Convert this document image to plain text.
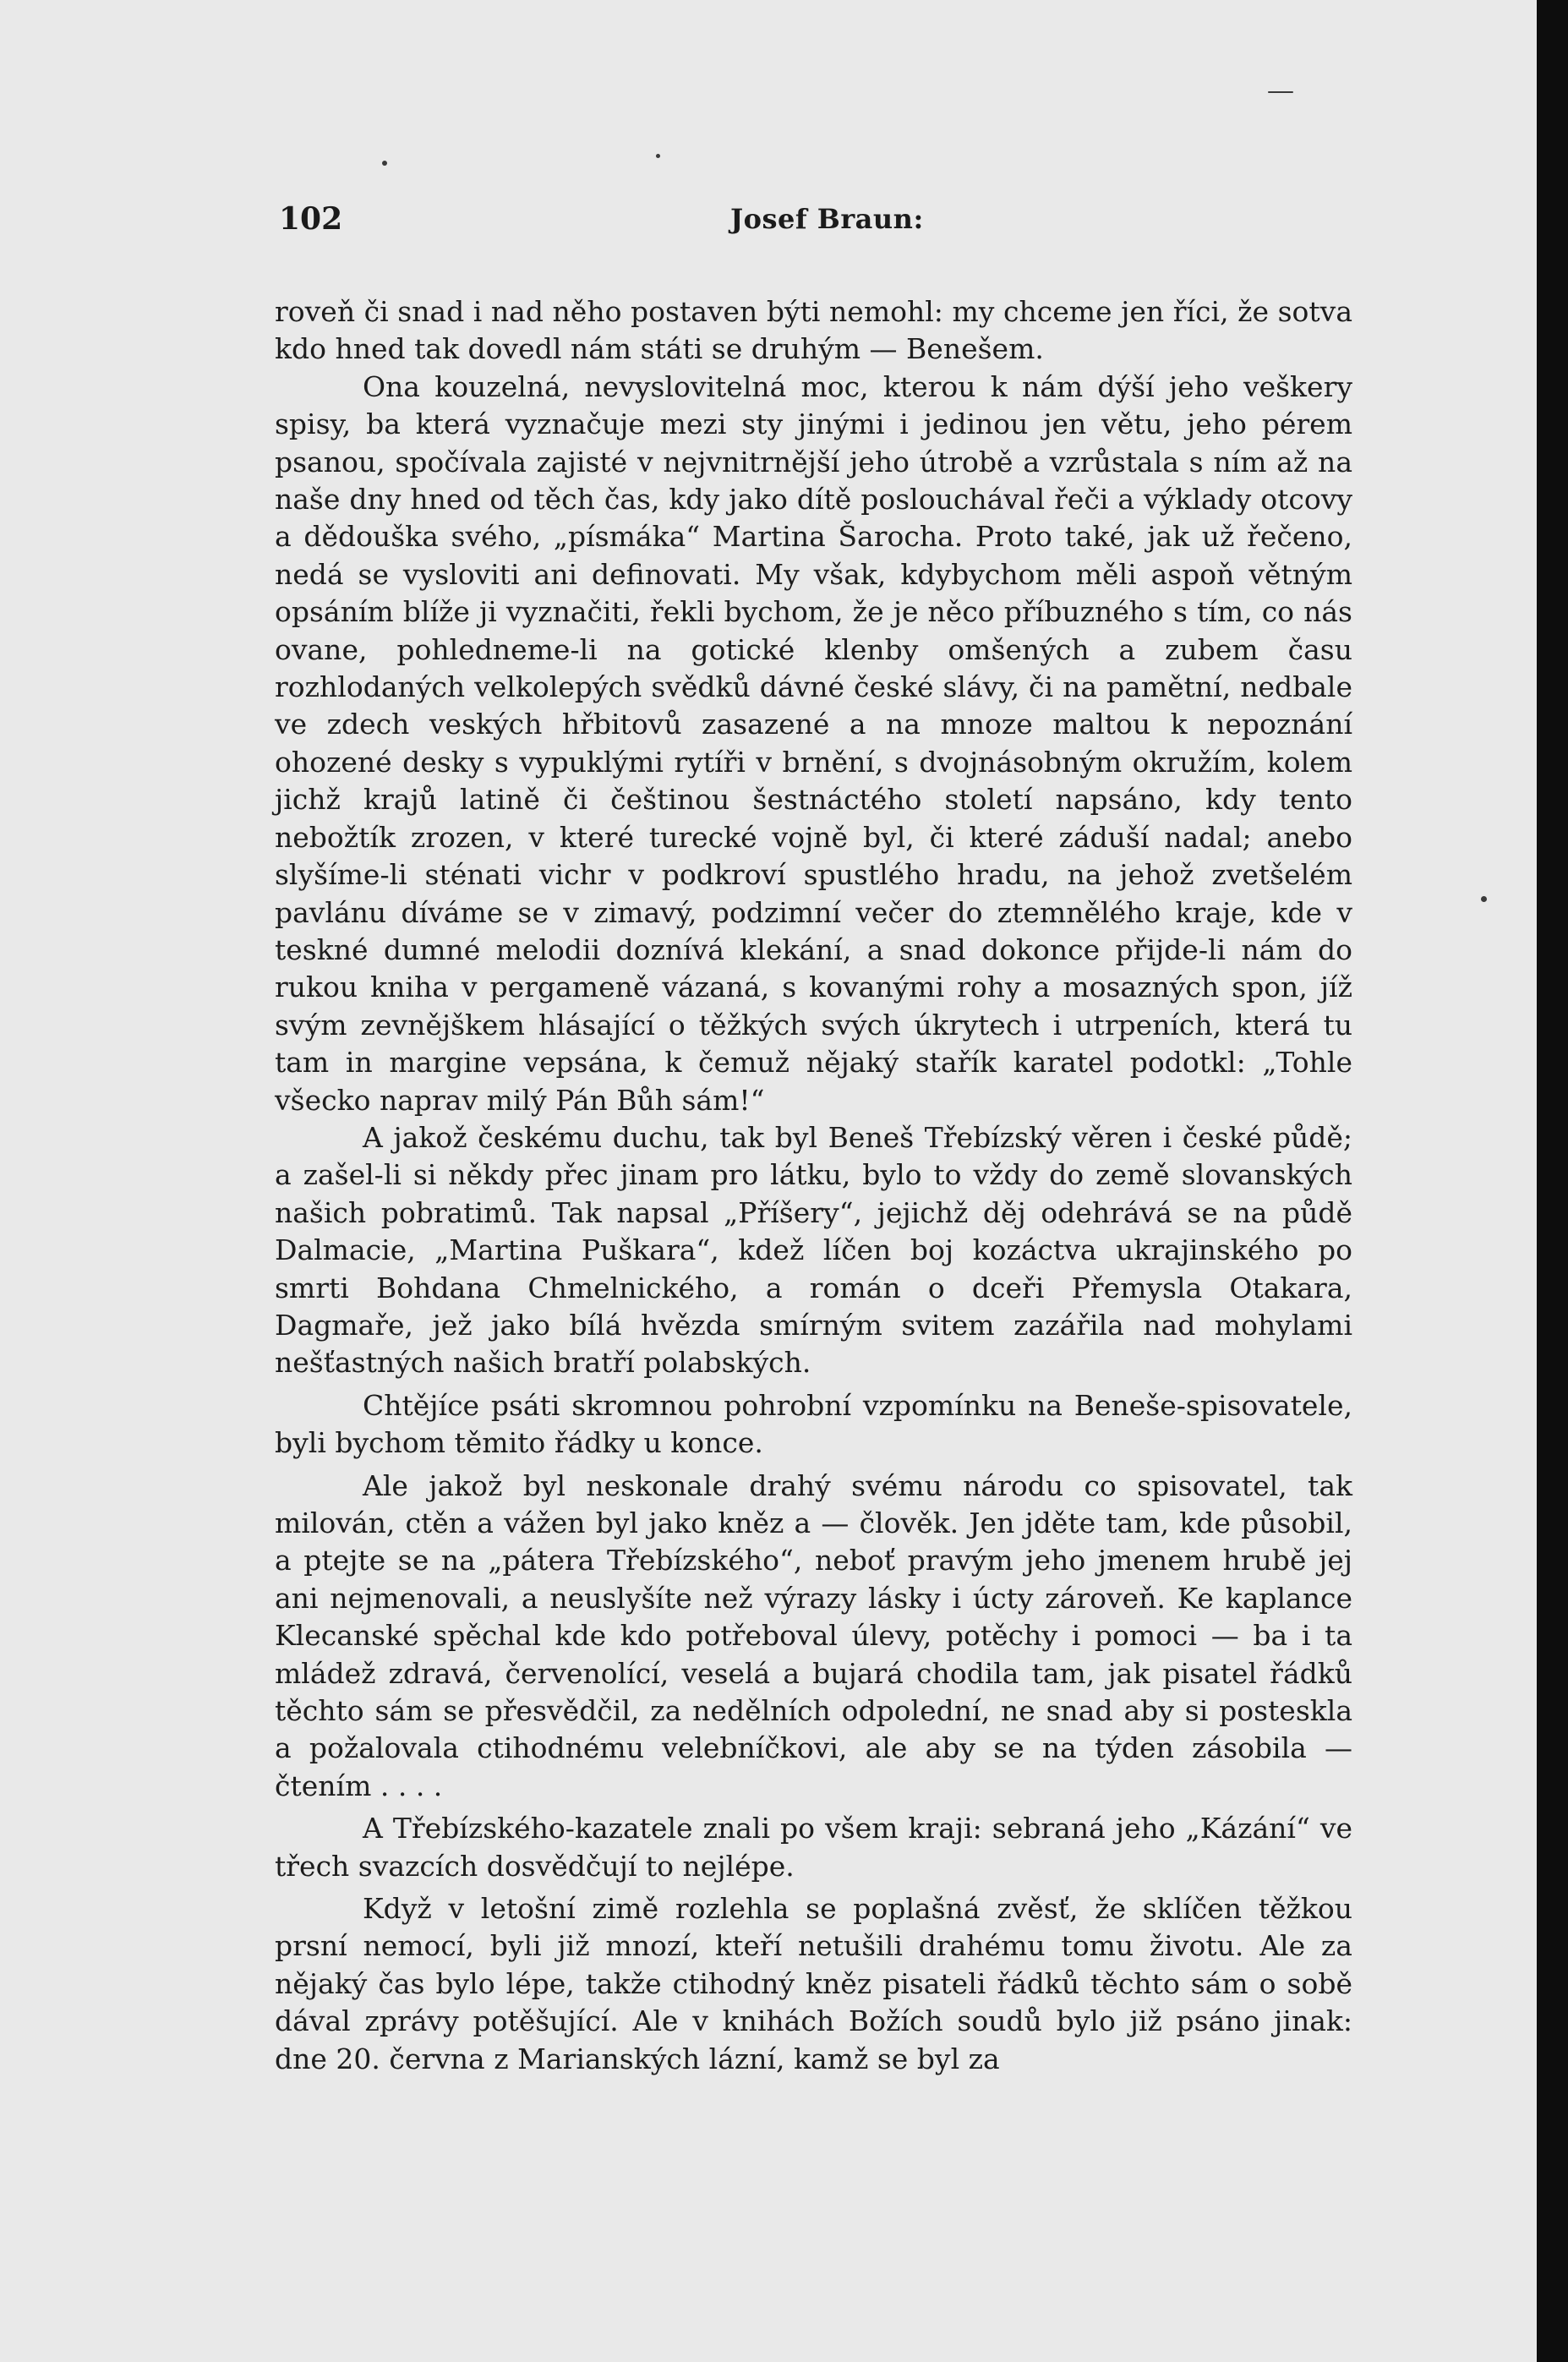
102	Josef Braun:

roveň či snad i nad něho postaven býti nemohl: my chceme jen říci, že sotva kdo hned tak dovedl nám státi se druhým — Benešem.

Ona kouzelná, nevyslovitelná moc, kterou k nám dýší jeho veškery spisy, ba která vyznačuje mezi sty jinými i jedinou jen větu, jeho pérem psanou, spočívala zajisté v nejvnitrnější jeho útrobě a vzrůstala s ním až na naše dny hned od těch čas, kdy jako dítě poslouchával řeči a výklady otcovy a dědouška svého, „písmáka“ Martina Šarocha. Proto také, jak už řečeno, nedá se vysloviti ani definovati. My však, kdybychom měli aspoň větným opsáním blíže ji vyznačiti, řekli bychom, že je něco příbuzného s tím, co nás ovane, pohledneme-li na gotické klenby omšených a zubem času rozhlodaných velkolepých svědků dávné české slávy, či na pamětní, nedbale ve zdech veských hřbitovů zasazené a na mnoze maltou k nepoznání ohozené desky s vypuklými rytíři v brnění, s dvojnásobným okružím, kolem jichž krajů latině či češtinou šestnáctého století napsáno, kdy tento nebožtík zrozen, v které turecké vojně byl, či které záduší nadal; anebo slyšíme-li sténati vichr v podkroví spustlého hradu, na jehož zvetšelém pavlánu díváme se v zimavý, podzimní večer do ztemnělého kraje, kde v teskné dumné melodii doznívá klekání, a snad dokonce přijde-li nám do rukou kniha v pergameně vázaná, s kovanými rohy a mosazných spon, jíž svým zevnějškem hlásající o těžkých svých úkrytech i utrpeních, která tu tam in margine vepsána, k čemuž nějaký stařík karatel podotkl: „Tohle všecko naprav milý Pán Bůh sám!“

A jakož českému duchu, tak byl Beneš Třebízský věren i české půdě; a zašel-li si někdy přec jinam pro látku, bylo to vždy do země slovanských našich pobratimů. Tak napsal „Příšery“, jejichž děj odehrává se na půdě Dalmacie, „Martina Puškara“, kdež líčen boj kozáctva ukrajinského po smrti Bohdana Chmelnického, a román o dceři Přemysla Otakara, Dagmaře, jež jako bílá hvězda smírným svitem zazářila nad mohylami nešťastných našich bratří polabských.

Chtějíce psáti skromnou pohrobní vzpomínku na Beneše-spisovatele, byli bychom těmito řádky u konce.

Ale jakož byl neskonale drahý svému národu co spisovatel, tak milován, ctěn a vážen byl jako kněz a — člověk. Jen jděte tam, kde působil, a ptejte se na „pátera Třebízského“, neboť pravým jeho jmenem hrubě jej ani nejmenovali, a neuslyšíte než výrazy lásky i úcty zároveň. Ke kaplance Klecanské spěchal kde kdo potřeboval úlevy, potěchy i pomoci — ba i ta mládež zdravá, červenolící, veselá a bujará chodila tam, jak pisatel řádků těchto sám se přesvědčil, za nedělních odpolední, ne snad aby si posteskla a požalovala ctihodnému velebníčkovi, ale aby se na týden zásobila — čtením . . . .

A Třebízského-kazatele znali po všem kraji: sebraná jeho „Kázání“ ve třech svazcích dosvědčují to nejlépe.

Když v letošní zimě rozlehla se poplašná zvěsť, že sklíčen těžkou prsní nemocí, byli již mnozí, kteří netušili drahému tomu životu. Ale za nějaký čas bylo lépe, takže ctihodný kněz pisateli řádků těchto sám o sobě dával zprávy potěšující. Ale v knihách Božích soudů bylo již psáno jinak: dne 20. června z Marianských lázní, kamž se byl za
